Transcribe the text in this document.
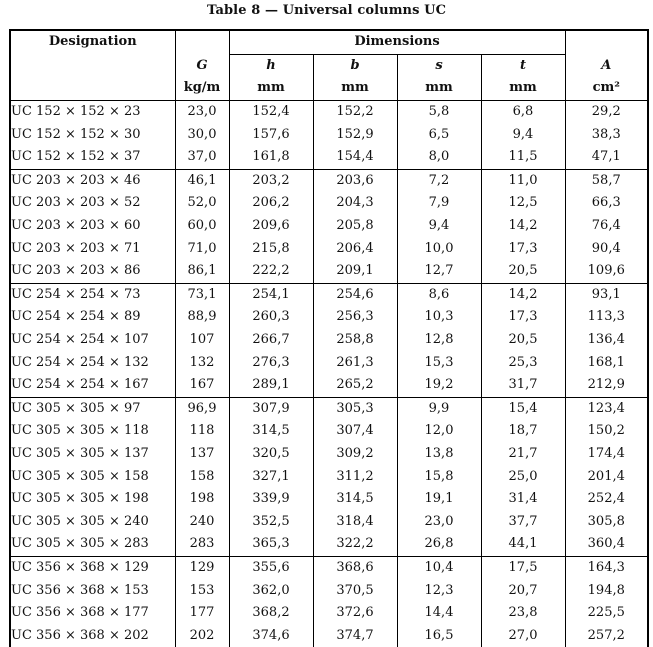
Table 8 — Universal columns UC
Designation		Dimensions				
	G	h	b	s	t	A
	kg/m	mm	mm	mm	mm	cm²
UC 152 × 152 × 23	23,0	152,4	152,2	5,8	6,8	29,2
UC 152 × 152 × 30	30,0	157,6	152,9	6,5	9,4	38,3
UC 152 × 152 × 37	37,0	161,8	154,4	8,0	11,5	47,1
UC 203 × 203 × 46	46,1	203,2	203,6	7,2	11,0	58,7
UC 203 × 203 × 52	52,0	206,2	204,3	7,9	12,5	66,3
UC 203 × 203 × 60	60,0	209,6	205,8	9,4	14,2	76,4
UC 203 × 203 × 71	71,0	215,8	206,4	10,0	17,3	90,4
UC 203 × 203 × 86	86,1	222,2	209,1	12,7	20,5	109,6
UC 254 × 254 × 73	73,1	254,1	254,6	8,6	14,2	93,1
UC 254 × 254 × 89	88,9	260,3	256,3	10,3	17,3	113,3
UC 254 × 254 × 107	107	266,7	258,8	12,8	20,5	136,4
UC 254 × 254 × 132	132	276,3	261,3	15,3	25,3	168,1
UC 254 × 254 × 167	167	289,1	265,2	19,2	31,7	212,9
UC 305 × 305 × 97	96,9	307,9	305,3	9,9	15,4	123,4
UC 305 × 305 × 118	118	314,5	307,4	12,0	18,7	150,2
UC 305 × 305 × 137	137	320,5	309,2	13,8	21,7	174,4
UC 305 × 305 × 158	158	327,1	311,2	15,8	25,0	201,4
UC 305 × 305 × 198	198	339,9	314,5	19,1	31,4	252,4
UC 305 × 305 × 240	240	352,5	318,4	23,0	37,7	305,8
UC 305 × 305 × 283	283	365,3	322,2	26,8	44,1	360,4
UC 356 × 368 × 129	129	355,6	368,6	10,4	17,5	164,3
UC 356 × 368 × 153	153	362,0	370,5	12,3	20,7	194,8
UC 356 × 368 × 177	177	368,2	372,6	14,4	23,8	225,5
UC 356 × 368 × 202	202	374,6	374,7	16,5	27,0	257,2
